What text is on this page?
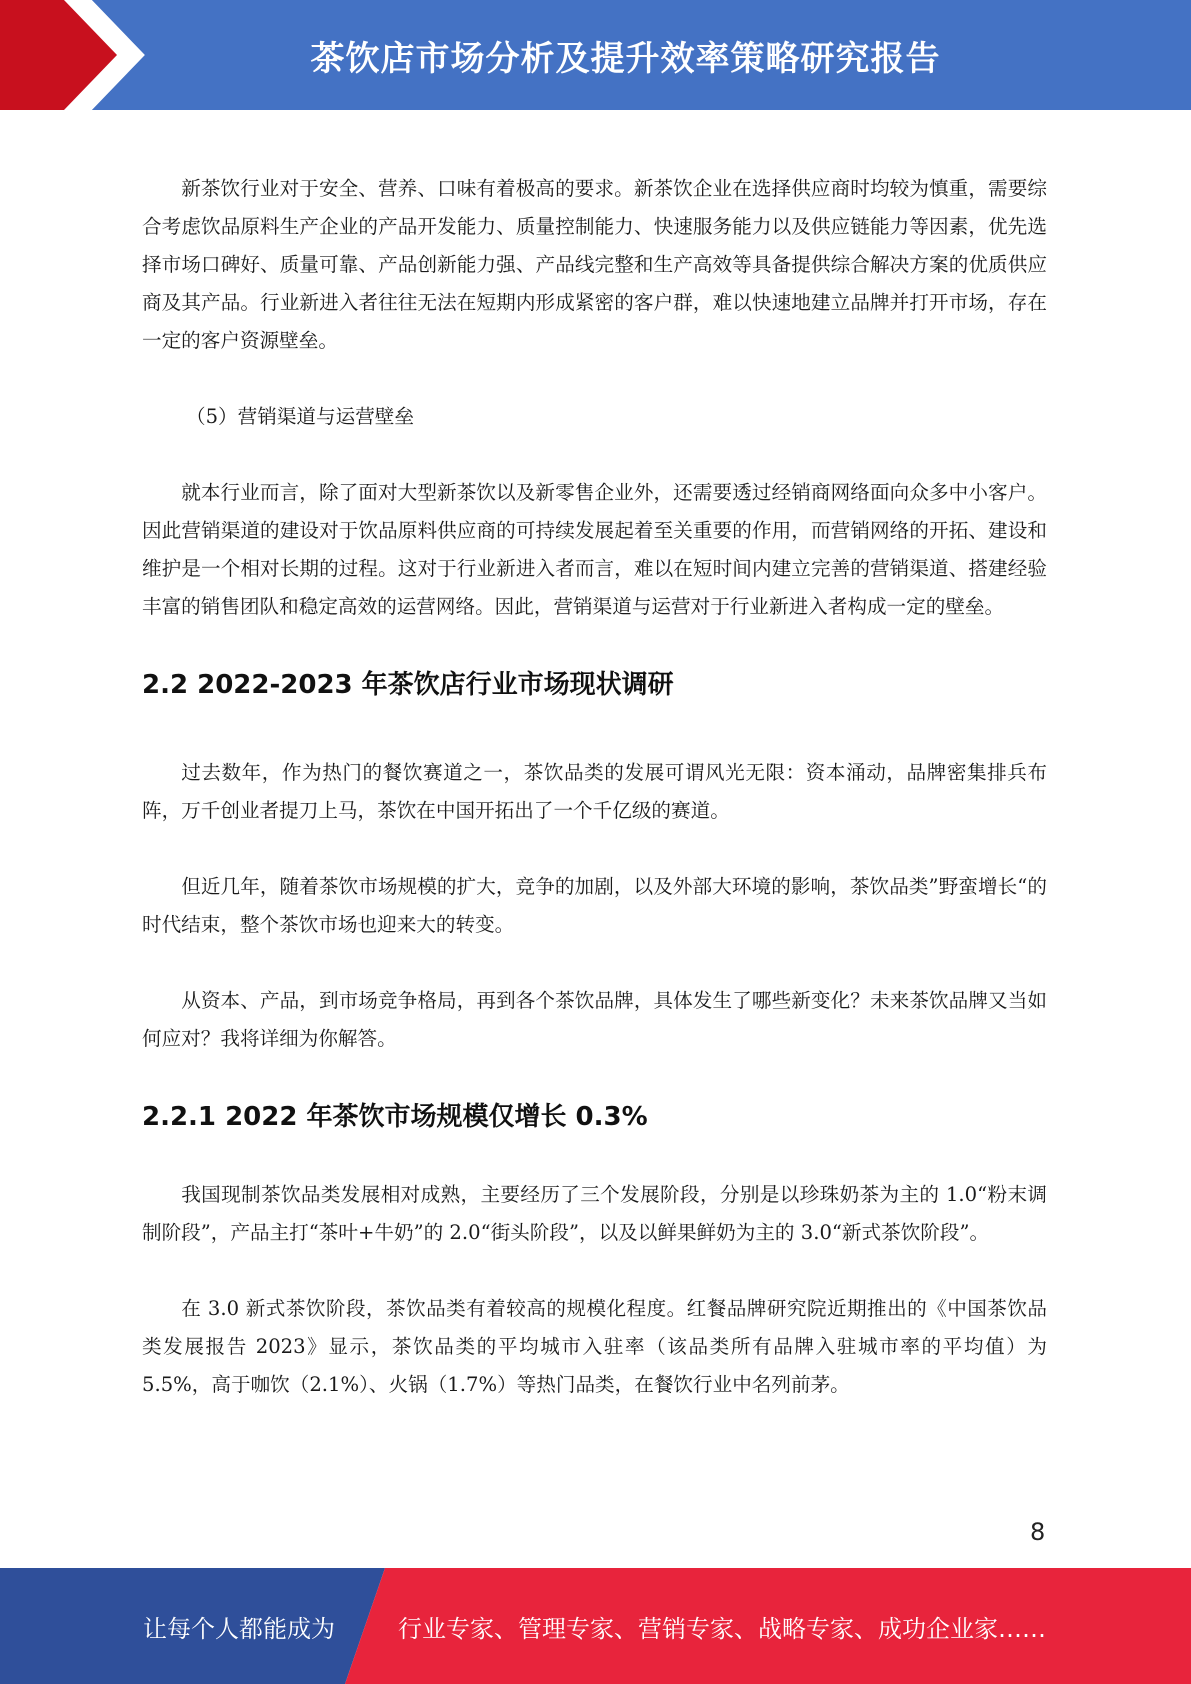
茶饮店市场分析及提升效率策略研究报告

新茶饮行业对于安全、营养、口味有着极高的要求。新茶饮企业在选择供应商时均较为慎重，需要综合考虑饮品原料生产企业的产品开发能力、质量控制能力、快速服务能力以及供应链能力等因素，优先选择市场口碑好、质量可靠、产品创新能力强、产品线完整和生产高效等具备提供综合解决方案的优质供应商及其产品。行业新进入者往往无法在短期内形成紧密的客户群，难以快速地建立品牌并打开市场，存在一定的客户资源壁垒。

（5）营销渠道与运营壁垒

就本行业而言，除了面对大型新茶饮以及新零售企业外，还需要透过经销商网络面向众多中小客户。因此营销渠道的建设对于饮品原料供应商的可持续发展起着至关重要的作用，而营销网络的开拓、建设和维护是一个相对长期的过程。这对于行业新进入者而言，难以在短时间内建立完善的营销渠道、搭建经验丰富的销售团队和稳定高效的运营网络。因此，营销渠道与运营对于行业新进入者构成一定的壁垒。

2.2 2022-2023 年茶饮店行业市场现状调研

过去数年，作为热门的餐饮赛道之一，茶饮品类的发展可谓风光无限：资本涌动，品牌密集排兵布阵，万千创业者提刀上马，茶饮在中国开拓出了一个千亿级的赛道。

但近几年，随着茶饮市场规模的扩大，竞争的加剧，以及外部大环境的影响，茶饮品类”野蛮增长“的时代结束，整个茶饮市场也迎来大的转变。

从资本、产品，到市场竞争格局，再到各个茶饮品牌，具体发生了哪些新变化？未来茶饮品牌又当如何应对？我将详细为你解答。

2.2.1 2022 年茶饮市场规模仅增长 0.3%

我国现制茶饮品类发展相对成熟，主要经历了三个发展阶段，分别是以珍珠奶茶为主的 1.0“粉末调制阶段”，产品主打“茶叶+牛奶”的 2.0“街头阶段”，以及以鲜果鲜奶为主的 3.0“新式茶饮阶段”。

在 3.0 新式茶饮阶段，茶饮品类有着较高的规模化程度。红餐品牌研究院近期推出的《中国茶饮品类发展报告 2023》显示，茶饮品类的平均城市入驻率（该品类所有品牌入驻城市率的平均值）为 5.5%，高于咖饮（2.1%）、火锅（1.7%）等热门品类，在餐饮行业中名列前茅。

8
让每个人都能成为	行业专家、管理专家、营销专家、战略专家、成功企业家……
